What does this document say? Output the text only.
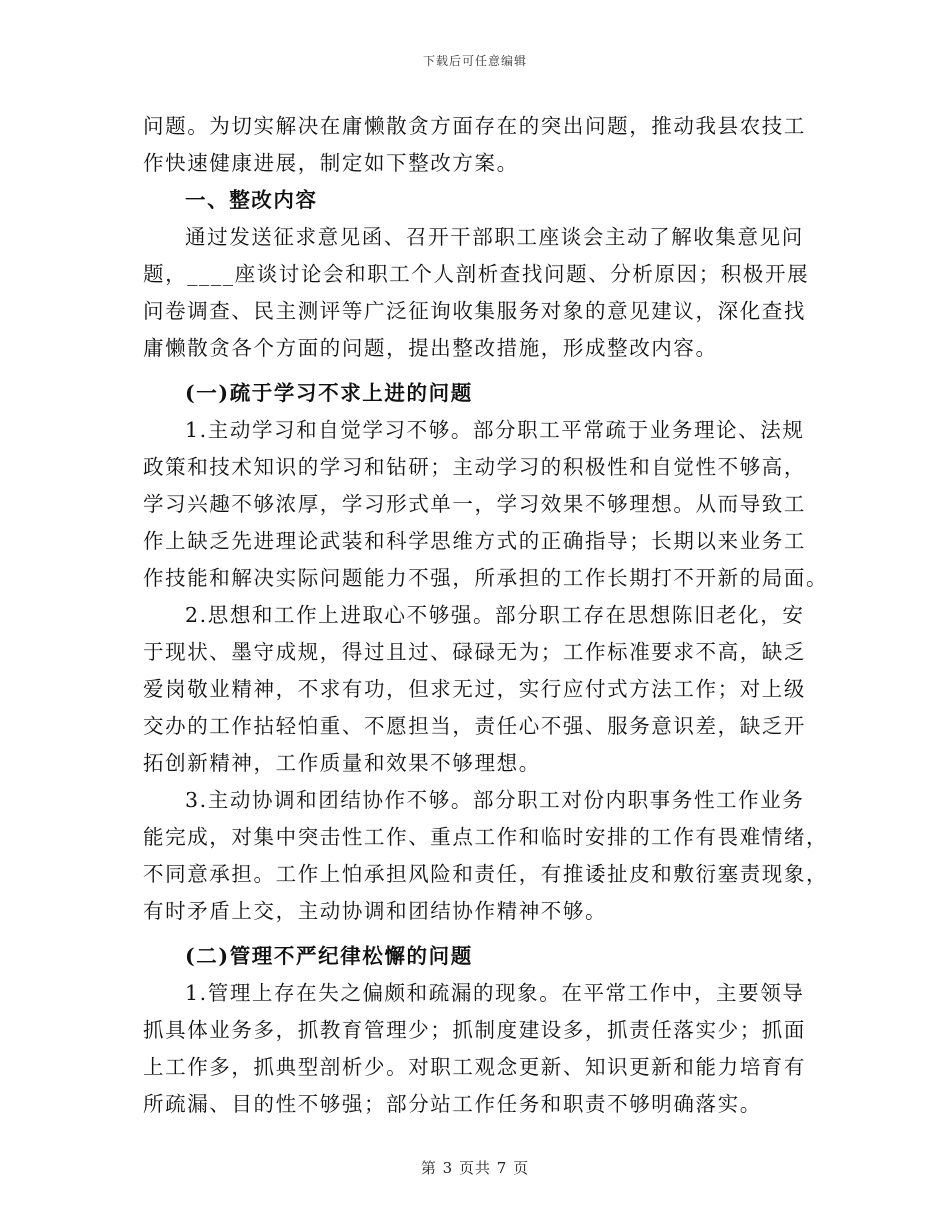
下载后可任意编辑
问题。为切实解决在庸懒散贪方面存在的突出问题，推动我县农技工
作快速健康进展，制定如下整改方案。
一、整改内容
通过发送征求意见函、召开干部职工座谈会主动了解收集意见问
题，____座谈讨论会和职工个人剖析查找问题、分析原因；积极开展
问卷调查、民主测评等广泛征询收集服务对象的意见建议，深化查找
庸懒散贪各个方面的问题，提出整改措施，形成整改内容。
(一)疏于学习不求上进的问题
1.主动学习和自觉学习不够。部分职工平常疏于业务理论、法规
政策和技术知识的学习和钻研；主动学习的积极性和自觉性不够高，
学习兴趣不够浓厚，学习形式单一，学习效果不够理想。从而导致工
作上缺乏先进理论武装和科学思维方式的正确指导；长期以来业务工
作技能和解决实际问题能力不强，所承担的工作长期打不开新的局面。
2.思想和工作上进取心不够强。部分职工存在思想陈旧老化，安
于现状、墨守成规，得过且过、碌碌无为；工作标准要求不高，缺乏
爱岗敬业精神，不求有功，但求无过，实行应付式方法工作；对上级
交办的工作拈轻怕重、不愿担当，责任心不强、服务意识差，缺乏开
拓创新精神，工作质量和效果不够理想。
3.主动协调和团结协作不够。部分职工对份内职事务性工作业务
能完成，对集中突击性工作、重点工作和临时安排的工作有畏难情绪，
不同意承担。工作上怕承担风险和责任，有推诿扯皮和敷衍塞责现象，
有时矛盾上交，主动协调和团结协作精神不够。
(二)管理不严纪律松懈的问题
1.管理上存在失之偏颇和疏漏的现象。在平常工作中，主要领导
抓具体业务多，抓教育管理少；抓制度建设多，抓责任落实少；抓面
上工作多，抓典型剖析少。对职工观念更新、知识更新和能力培育有
所疏漏、目的性不够强；部分站工作任务和职责不够明确落实。
第 3 页共 7 页
